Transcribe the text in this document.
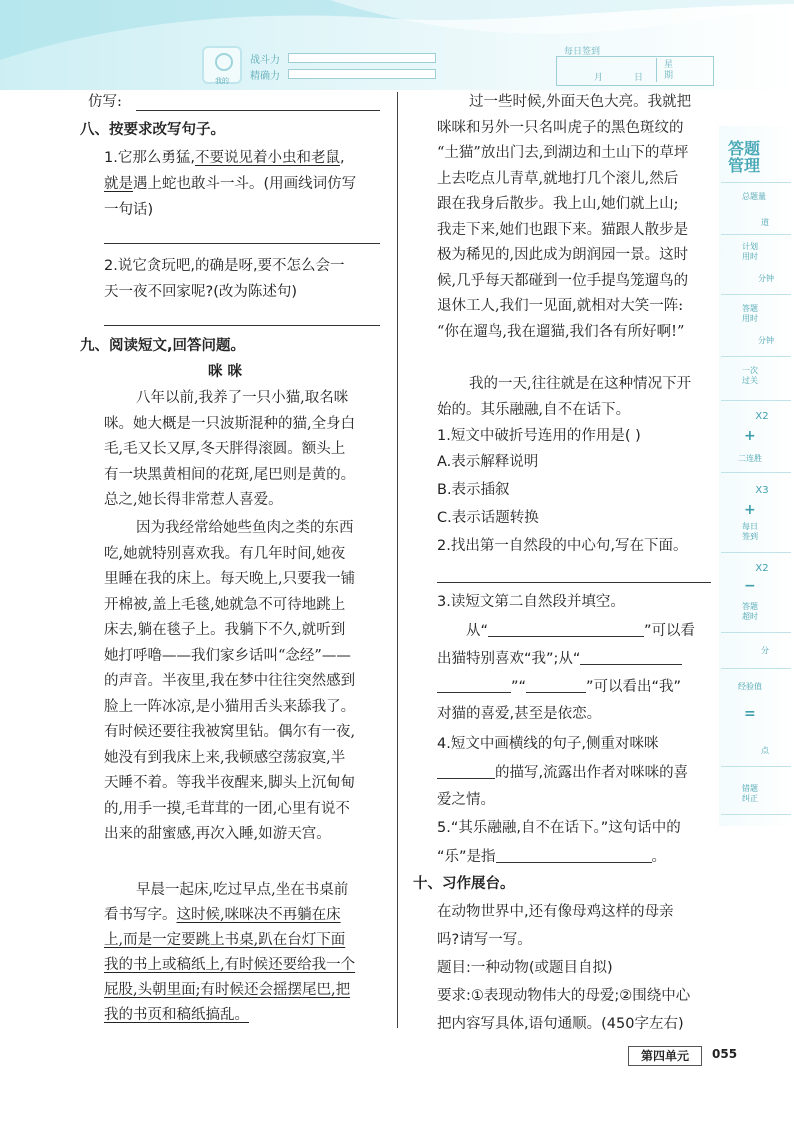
我的
战斗力
精确力
每日签到
月	日
星期
仿写:
八、按要求改写句子。
1.它那么勇猛,不要说见着小虫和老鼠,
就是遇上蛇也敢斗一斗。(用画线词仿写
一句话)
2.说它贪玩吧,的确是呀,要不怎么会一
天一夜不回家呢?(改为陈述句)
九、阅读短文,回答问题。
咪 咪
八年以前,我养了一只小猫,取名咪
咪。她大概是一只波斯混种的猫,全身白
毛,毛又长又厚,冬天胖得滚圆。额头上
有一块黑黄相间的花斑,尾巴则是黄的。
总之,她长得非常惹人喜爱。
因为我经常给她些鱼肉之类的东西
吃,她就特别喜欢我。有几年时间,她夜
里睡在我的床上。每天晚上,只要我一铺
开棉被,盖上毛毯,她就急不可待地跳上
床去,躺在毯子上。我躺下不久,就听到
她打呼噜——我们家乡话叫“念经”——
的声音。半夜里,我在梦中往往突然感到
脸上一阵冰凉,是小猫用舌头来舔我了。
有时候还要往我被窝里钻。偶尔有一夜,
她没有到我床上来,我顿感空荡寂寞,半
天睡不着。等我半夜醒来,脚头上沉甸甸
的,用手一摸,毛茸茸的一团,心里有说不
出来的甜蜜感,再次入睡,如游天宫。
早晨一起床,吃过早点,坐在书桌前
看书写字。这时候,咪咪决不再躺在床
上,而是一定要跳上书桌,趴在台灯下面
我的书上或稿纸上,有时候还要给我一个
屁股,头朝里面;有时候还会摇摆尾巴,把
我的书页和稿纸搞乱。
过一些时候,外面天色大亮。我就把
咪咪和另外一只名叫虎子的黑色斑纹的
“土猫”放出门去,到湖边和土山下的草坪
上去吃点儿青草,就地打几个滚儿,然后
跟在我身后散步。我上山,她们就上山;
我走下来,她们也跟下来。猫跟人散步是
极为稀见的,因此成为朗润园一景。这时
候,几乎每天都碰到一位手提鸟笼遛鸟的
退休工人,我们一见面,就相对大笑一阵:
“你在遛鸟,我在遛猫,我们各有所好啊!”
我的一天,往往就是在这种情况下开
始的。其乐融融,自不在话下。
1.短文中破折号连用的作用是( )
A.表示解释说明
B.表示插叙
C.表示话题转换
2.找出第一自然段的中心句,写在下面。
3.读短文第二自然段并填空。
从“	”可以看
出猫特别喜欢“我”;从“
”“	”可以看出“我”
对猫的喜爱,甚至是依恋。
4.短文中画横线的句子,侧重对咪咪
的描写,流露出作者对咪咪的喜
爱之情。
5.“其乐融融,自不在话下。”这句话中的
“乐”是指	。
十、习作展台。
在动物世界中,还有像母鸡这样的母亲
吗?请写一写。
题目:一种动物(或题目自拟)
要求:①表现动物伟大的母爱;②围绕中心
把内容写具体,语句通顺。(450字左右)
答题
管理
总题量
道
计划
用时
分钟
答题
用时
分钟
一次
过关
X2
+
二连胜
X3
+
每日
签到
X2
−
答题
超时
分
经验值
=
点
错题
纠正
第四单元	055
